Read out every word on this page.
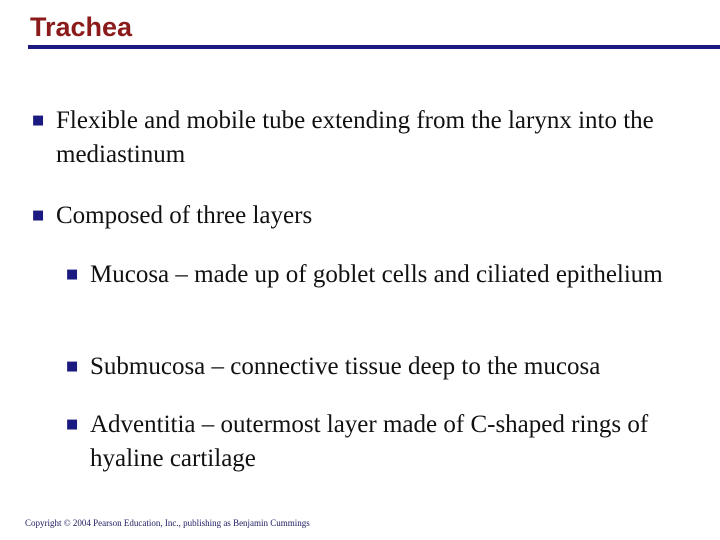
Trachea
■ Flexible and mobile tube extending from the larynx into the mediastinum
■ Composed of three layers
■ Mucosa – made up of goblet cells and ciliated epithelium
■ Submucosa – connective tissue deep to the mucosa
■ Adventitia – outermost layer made of C-shaped rings of hyaline cartilage
Copyright © 2004 Pearson Education, Inc., publishing as Benjamin Cummings
